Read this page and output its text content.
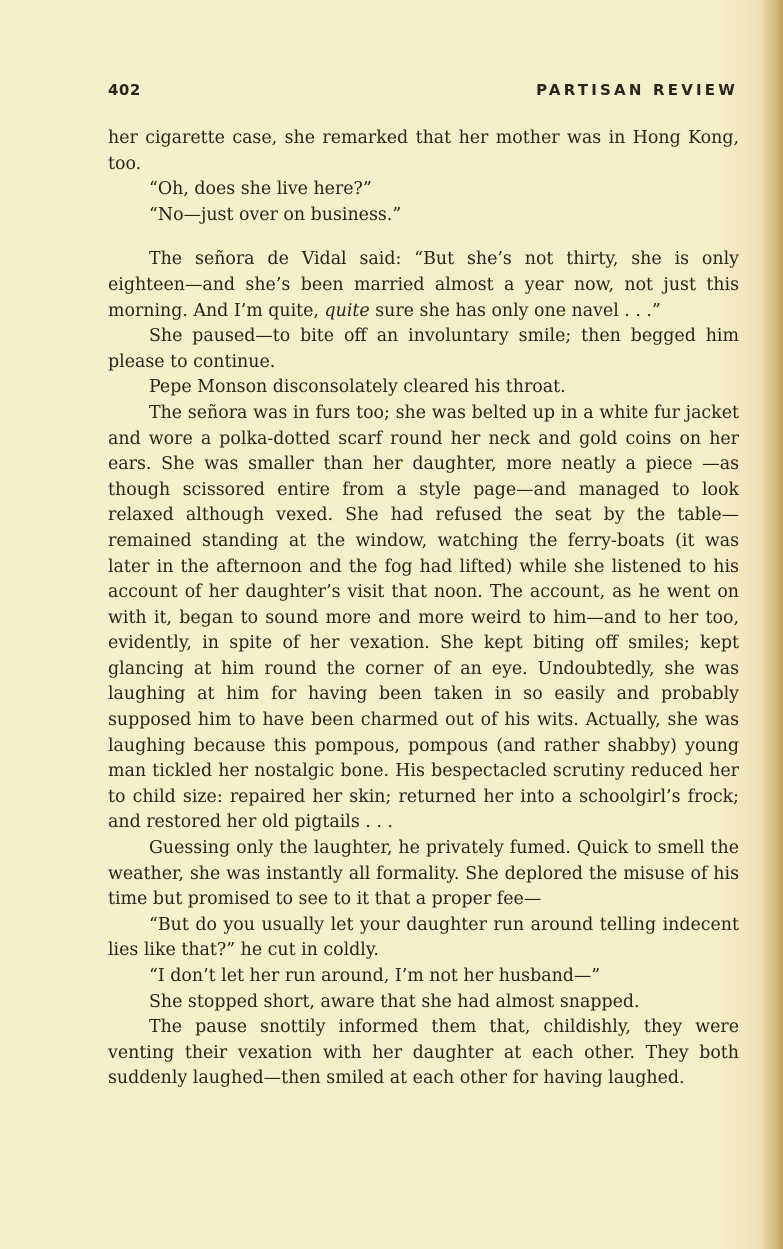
402	PARTISAN REVIEW

her cigarette case, she remarked that her mother was in Hong Kong, too.

“Oh, does she live here?”

“No—just over on business.”

The señora de Vidal said: “But she’s not thirty, she is only eighteen—and she’s been married almost a year now, not just this morning. And I’m quite, quite sure she has only one navel . . .”

She paused—to bite off an involuntary smile; then begged him please to continue.

Pepe Monson disconsolately cleared his throat.

The señora was in furs too; she was belted up in a white fur jacket and wore a polka-dotted scarf round her neck and gold coins on her ears. She was smaller than her daughter, more neatly a piece —as though scissored entire from a style page—and managed to look relaxed although vexed. She had refused the seat by the table—remained standing at the window, watching the ferry-boats (it was later in the afternoon and the fog had lifted) while she listened to his account of her daughter’s visit that noon. The account, as he went on with it, began to sound more and more weird to him—and to her too, evidently, in spite of her vexation. She kept biting off smiles; kept glancing at him round the corner of an eye. Undoubtedly, she was laughing at him for having been taken in so easily and probably supposed him to have been charmed out of his wits. Actually, she was laughing because this pompous, pompous (and rather shabby) young man tickled her nostalgic bone. His bespectacled scrutiny reduced her to child size: repaired her skin; returned her into a schoolgirl’s frock; and restored her old pigtails . . .

Guessing only the laughter, he privately fumed. Quick to smell the weather, she was instantly all formality. She deplored the misuse of his time but promised to see to it that a proper fee—

“But do you usually let your daughter run around telling indecent lies like that?” he cut in coldly.

“I don’t let her run around, I’m not her husband—”

She stopped short, aware that she had almost snapped.

The pause snottily informed them that, childishly, they were venting their vexation with her daughter at each other. They both suddenly laughed—then smiled at each other for having laughed.
